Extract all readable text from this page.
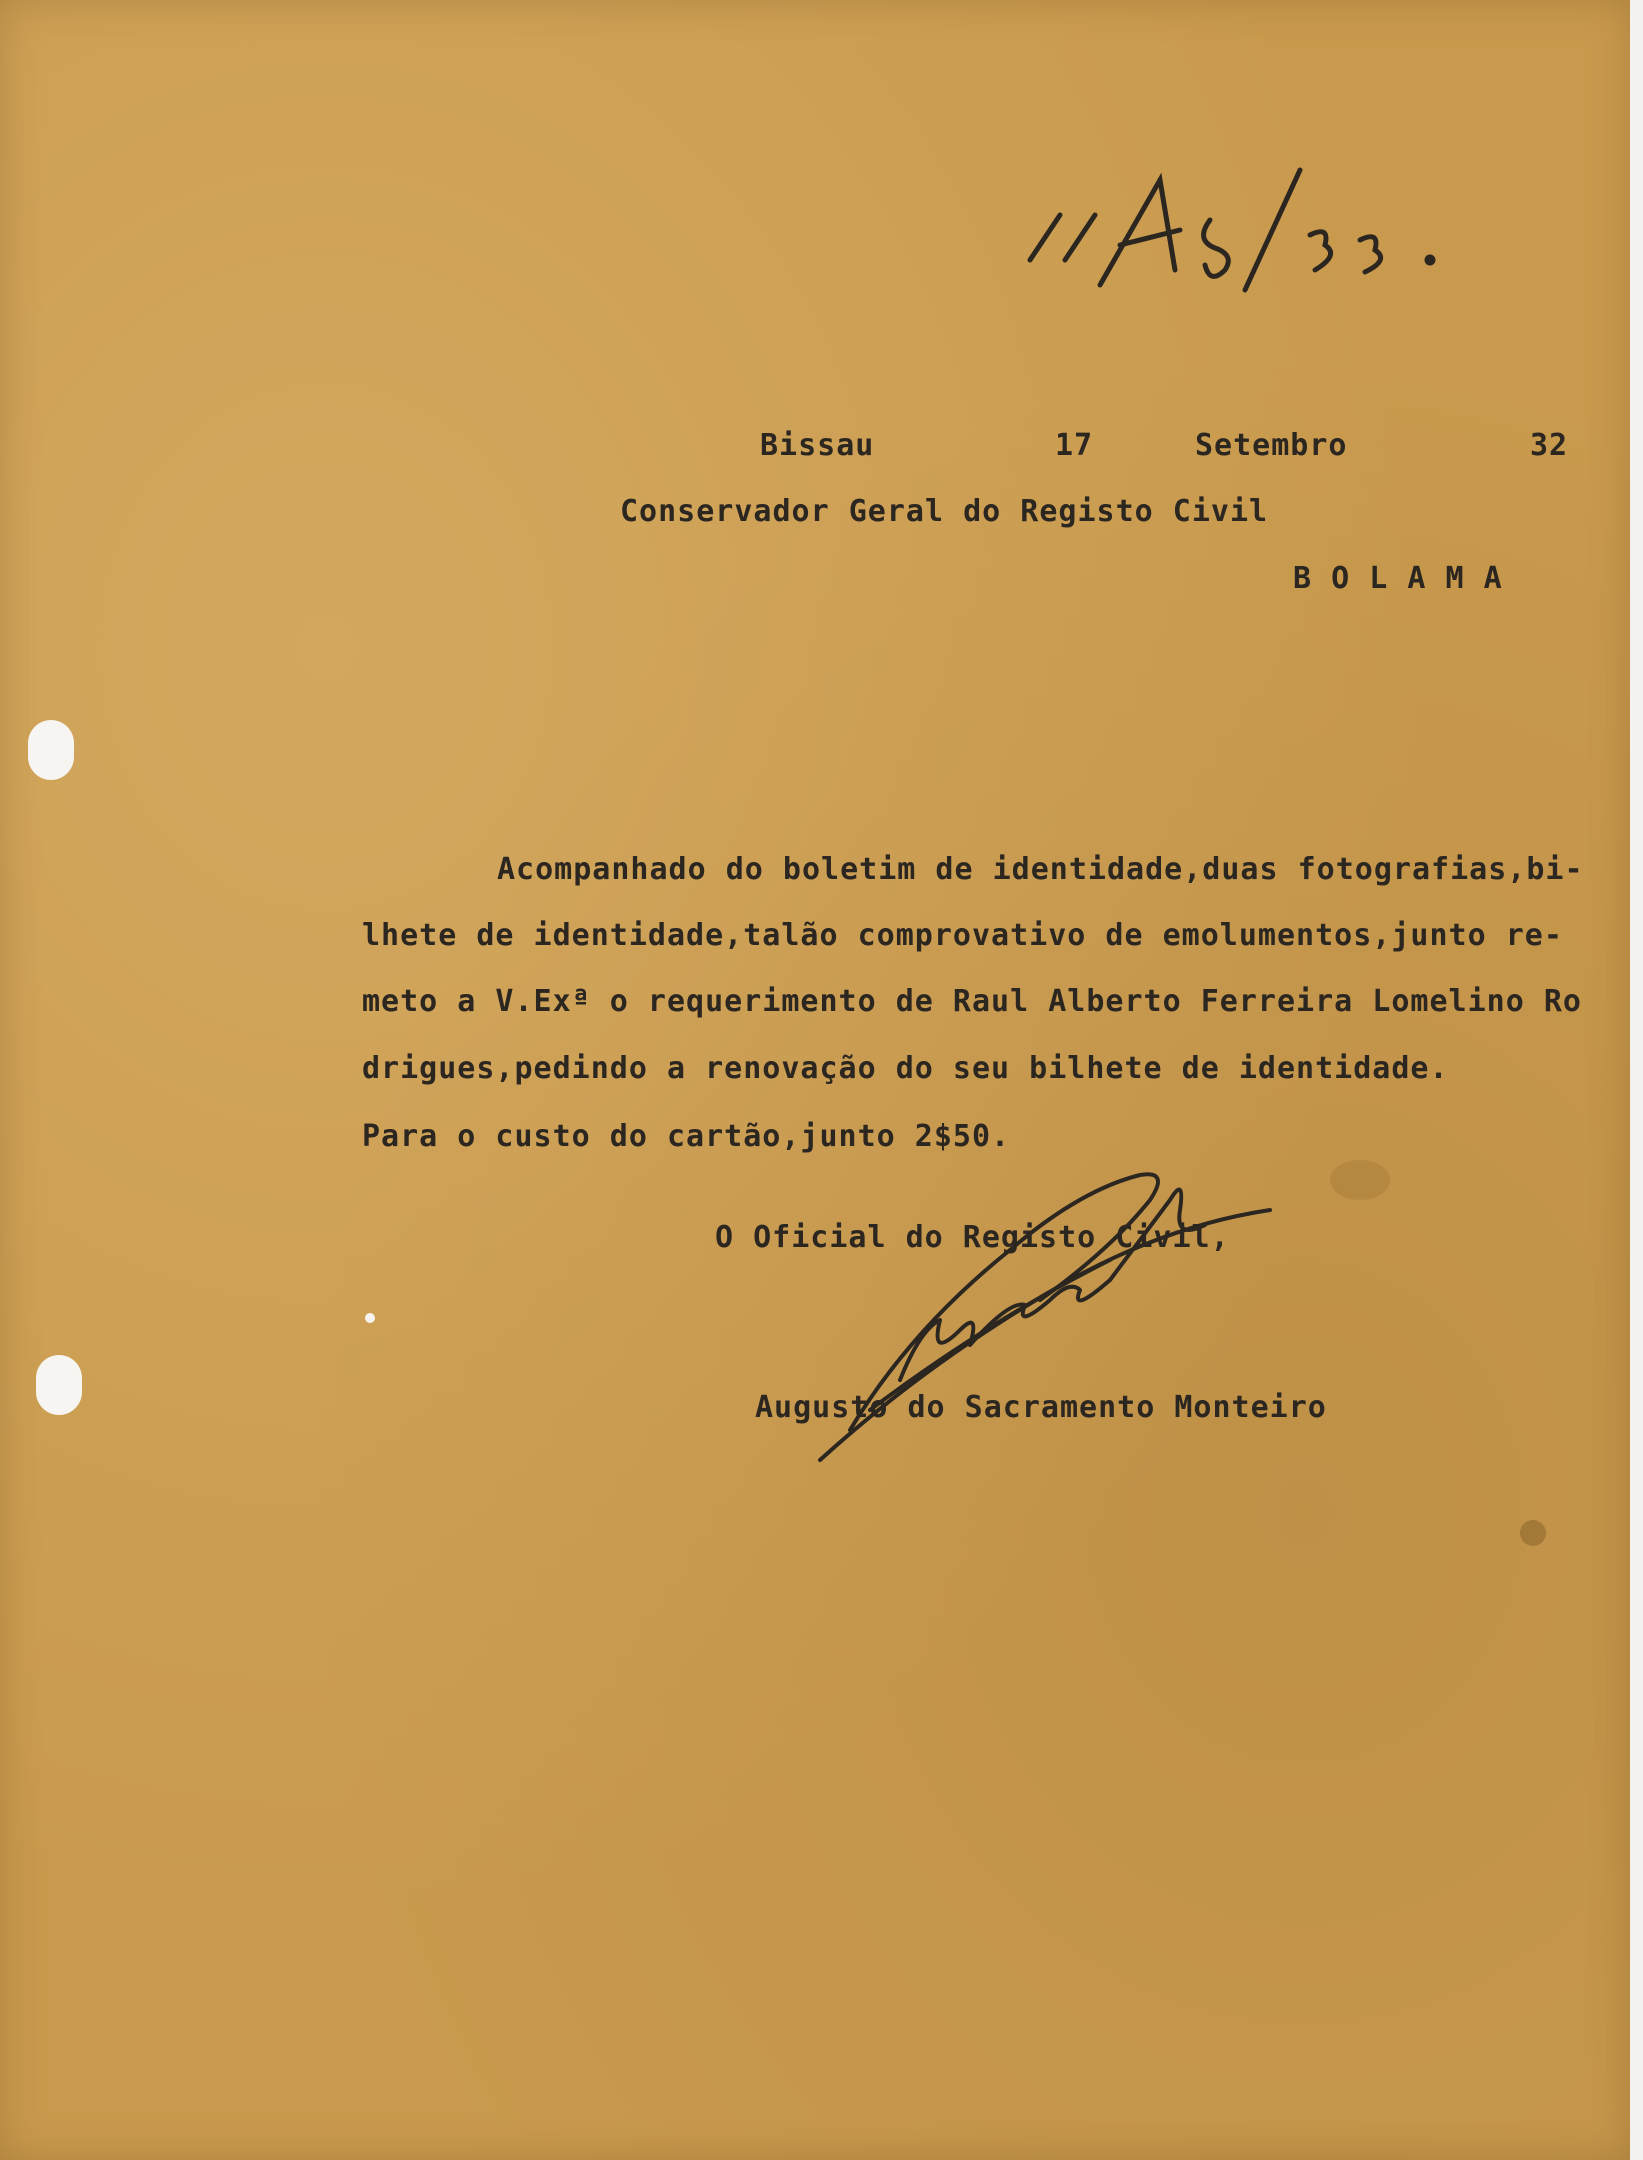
Bissau	17	Setembro	32
Conservador Geral do Registo Civil
B O L A M A
Acompanhado do boletim de identidade,duas fotografias,bi-
lhete de identidade,talão comprovativo de emolumentos,junto re-
meto a V.Exª o requerimento de Raul Alberto Ferreira Lomelino Ro
drigues,pedindo a renovação do seu bilhete de identidade.
Para o custo do cartão,junto 2$50.
O Oficial do Registo Civil,
Augusto do Sacramento Monteiro
